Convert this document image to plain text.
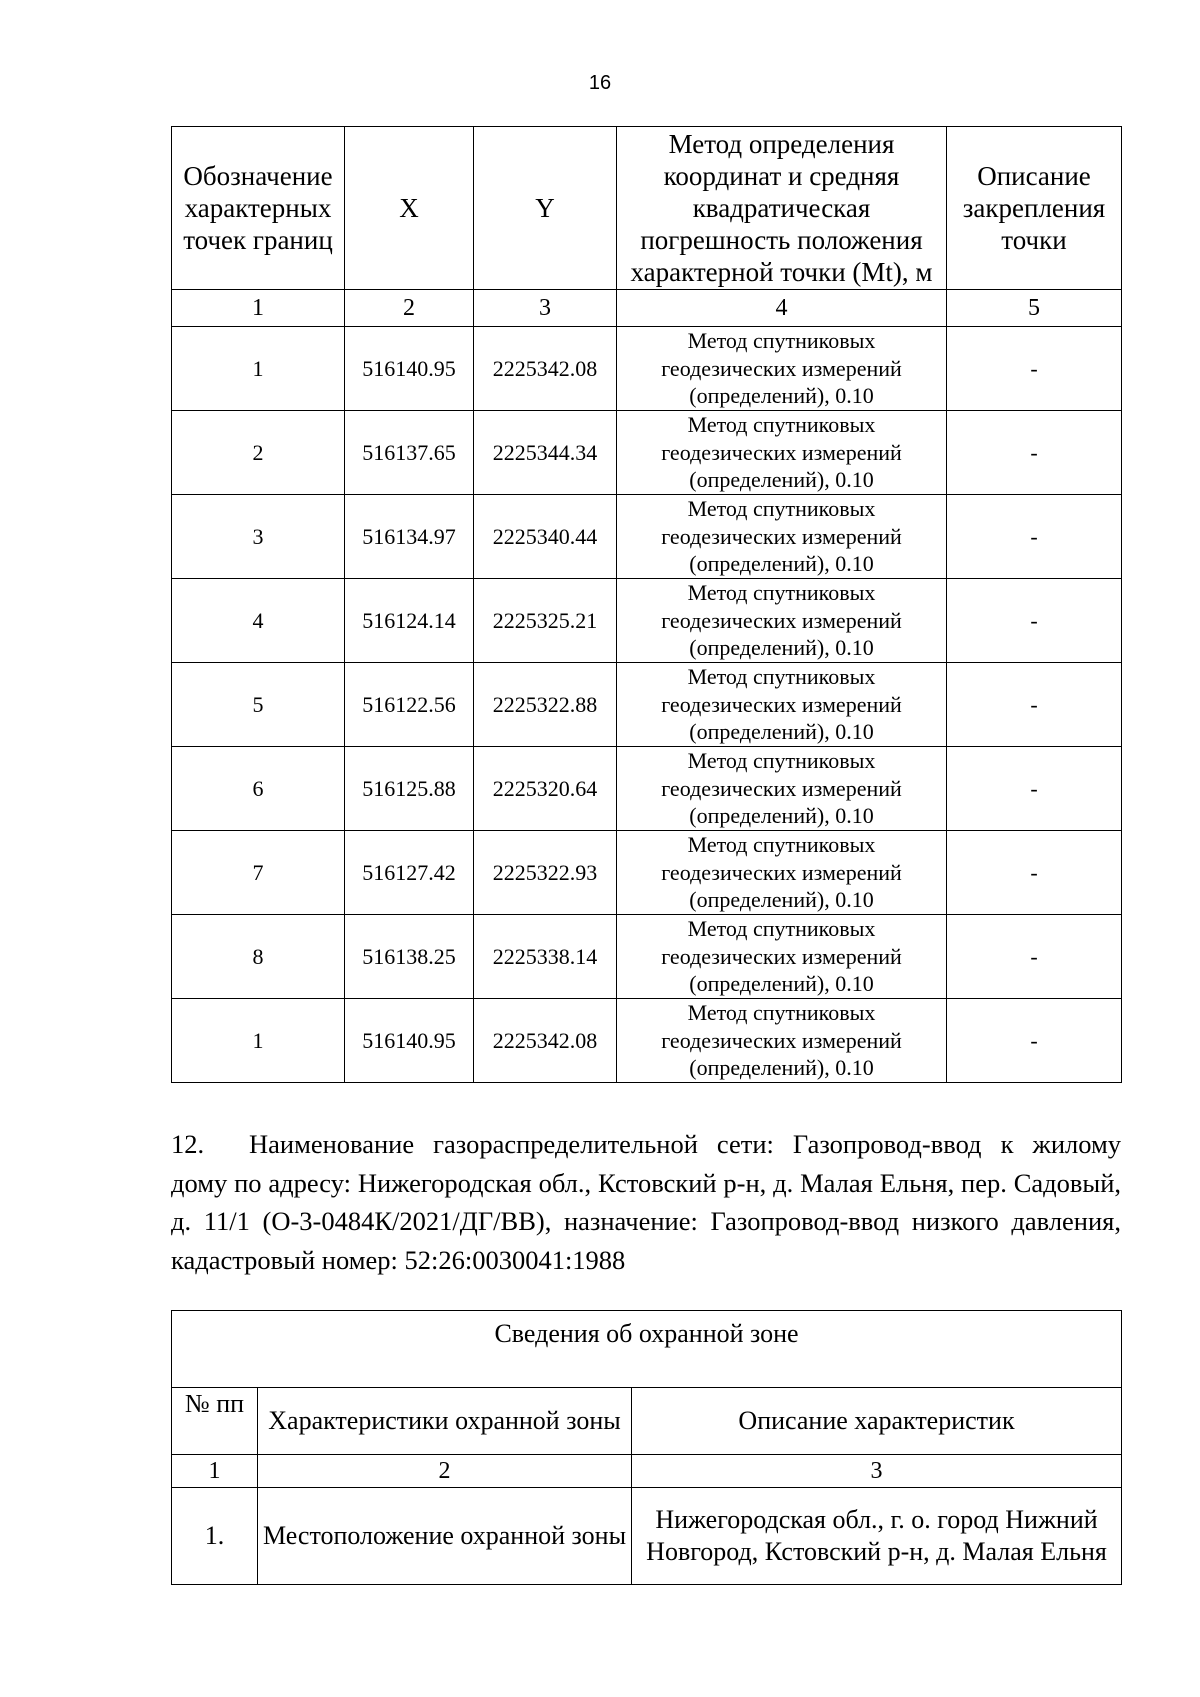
16
Обозначение характерных точек границ	X	Y	Метод определения координат и средняя квадратическая погрешность положения характерной точки (Mt), м	Описание закрепления точки
1	2	3	4	5
1	516140.95	2225342.08	Метод спутниковых геодезических измерений (определений), 0.10	-
2	516137.65	2225344.34	Метод спутниковых геодезических измерений (определений), 0.10	-
3	516134.97	2225340.44	Метод спутниковых геодезических измерений (определений), 0.10	-
4	516124.14	2225325.21	Метод спутниковых геодезических измерений (определений), 0.10	-
5	516122.56	2225322.88	Метод спутниковых геодезических измерений (определений), 0.10	-
6	516125.88	2225320.64	Метод спутниковых геодезических измерений (определений), 0.10	-
7	516127.42	2225322.93	Метод спутниковых геодезических измерений (определений), 0.10	-
8	516138.25	2225338.14	Метод спутниковых геодезических измерений (определений), 0.10	-
1	516140.95	2225342.08	Метод спутниковых геодезических измерений (определений), 0.10	-
12. Наименование газораспределительной сети: Газопровод-ввод к жилому дому по адресу: Нижегородская обл., Кстовский р-н, д. Малая Ельня, пер. Садовый, д. 11/1 (О-3-0484К/2021/ДГ/ВВ), назначение: Газопровод-ввод низкого давления, кадастровый номер: 52:26:0030041:1988
Сведения об охранной зоне		
№ пп	Характеристики охранной зоны	Описание характеристик
1	2	3
1.	Местоположение охранной зоны	Нижегородская обл., г. о. город Нижний Новгород, Кстовский р-н, д. Малая Ельня
